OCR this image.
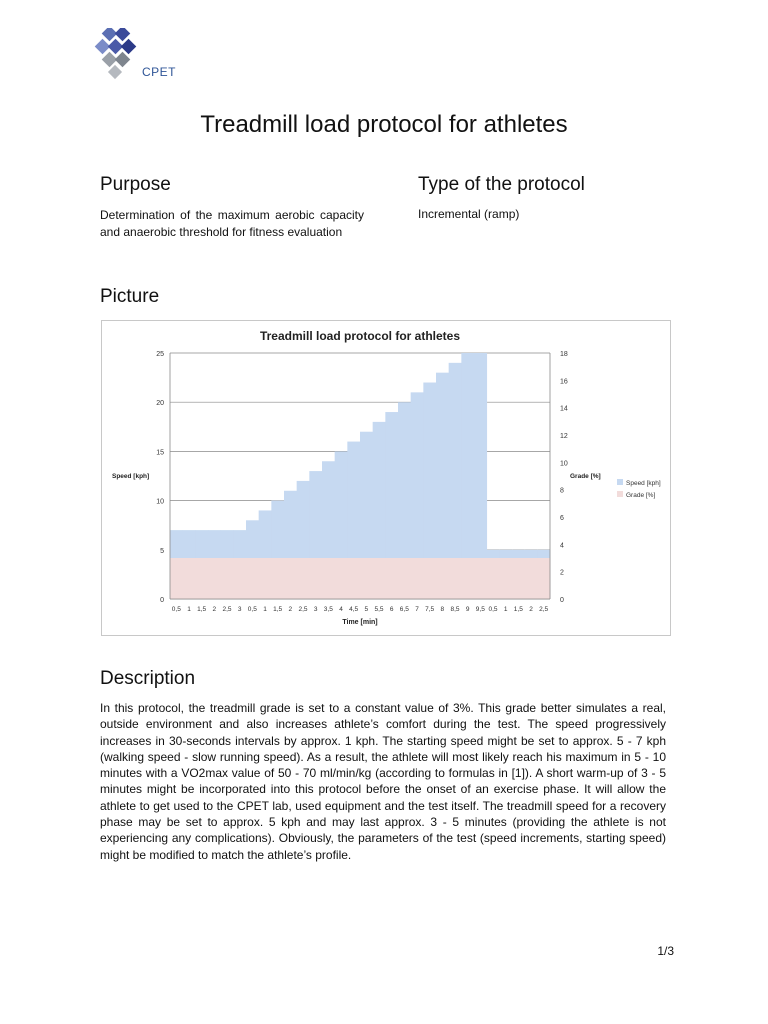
CPET
Treadmill load protocol for athletes
Purpose	Type of the protocol

Determination of the maximum aerobic capacity and anaerobic threshold for fitness evaluation

Incremental (ramp)

Picture
Treadmill load protocol for athletes
0
5
10
15
20
25
0
2
4
6
8
10
12
14
16
18
0,5 1 1,5 2 2,5 3 0,5 1 1,5 2 2,5 3 3,5 4 4,5 5 5,5 6 6,5 7 7,5 8 8,5 9 9,5 0,5 1 1,5 2 2,5
Time [min]
Speed [kph]	Grade [%]
Speed [kph]
Grade [%]
Description

In this protocol, the treadmill grade is set to a constant value of 3%. This grade better simulates a real, outside environment and also increases athlete’s comfort during the test. The speed progressively increases in 30-seconds intervals by approx. 1 kph. The starting speed might be set to approx. 5 - 7 kph (walking speed - slow running speed). As a result, the athlete will most likely reach his maximum in 5 - 10 minutes with a VO2max value of 50 - 70 ml/min/kg (according to formulas in [1]). A short warm-up of 3 - 5 minutes might be incorporated into this protocol before the onset of an exercise phase. It will allow the athlete to get used to the CPET lab, used equipment and the test itself. The treadmill speed for a recovery phase may be set to approx. 5 kph and may last approx. 3 - 5 minutes (providing the athlete is not experiencing any complications). Obviously, the parameters of the test (speed increments, starting speed) might be modified to match the athlete’s profile.

1/3
